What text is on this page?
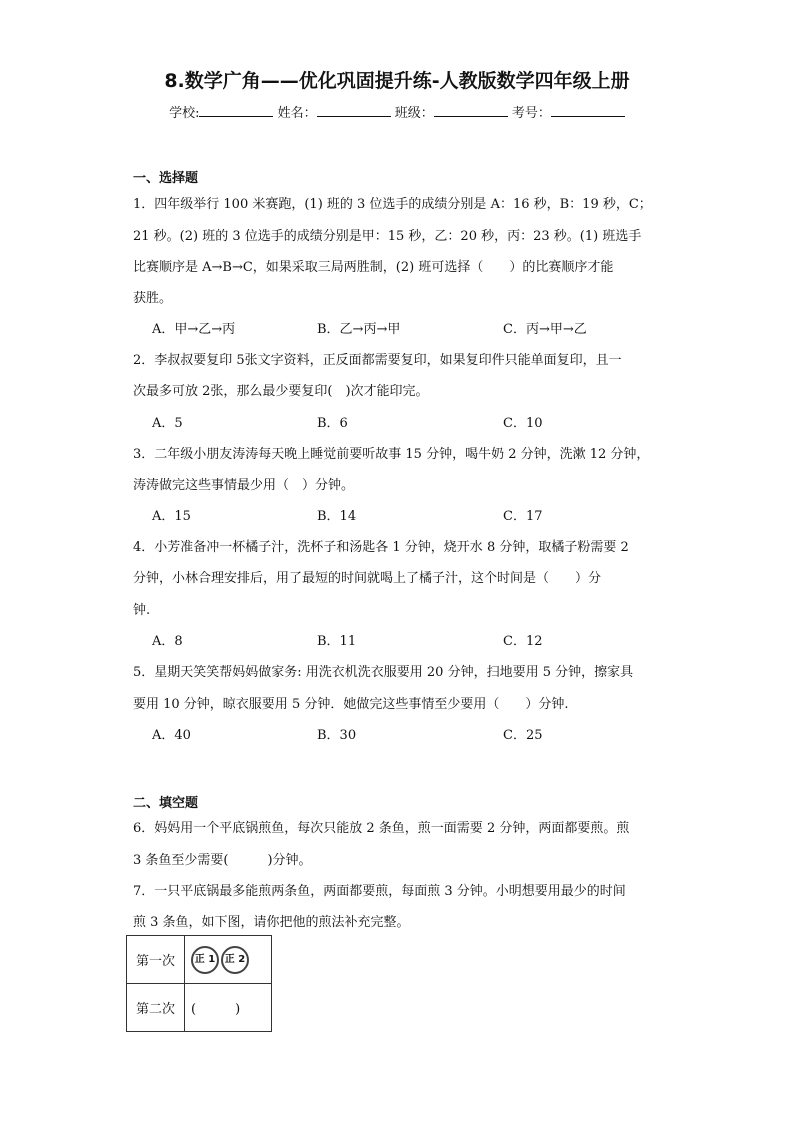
8.数学广角——优化巩固提升练-人教版数学四年级上册
学校:	姓名：	班级：	考号：
一、选择题
1．四年级举行 100 米赛跑，(1) 班的 3 位选手的成绩分别是 A：16 秒，B：19 秒，C；
21 秒。(2) 班的 3 位选手的成绩分别是甲：15 秒，乙：20 秒，丙：23 秒。(1) 班选手
比赛顺序是 A→B→C，如果采取三局两胜制，(2) 班可选择（　　）的比赛顺序才能
获胜。
A．甲→乙→丙	B．乙→丙→甲	C．丙→甲→乙
2．李叔叔要复印 5张文字资料，正反面都需要复印，如果复印件只能单面复印，且一
次最多可放 2张，那么最少要复印(　)次才能印完。
A．5	B．6	C．10
3．二年级小朋友涛涛每天晚上睡觉前要听故事 15 分钟，喝牛奶 2 分钟，洗漱 12 分钟，
涛涛做完这些事情最少用（　）分钟。
A．15	B．14	C．17
4．小芳准备冲一杯橘子汁，洗杯子和汤匙各 1 分钟，烧开水 8 分钟，取橘子粉需要 2
分钟，小林合理安排后，用了最短的时间就喝上了橘子汁，这个时间是（　　）分
钟.
A．8	B．11	C．12
5．星期天笑笑帮妈妈做家务: 用洗衣机洗衣服要用 20 分钟，扫地要用 5 分钟，擦家具
要用 10 分钟，晾衣服要用 5 分钟．她做完这些事情至少要用（　　）分钟.
A．40	B．30	C．25
二、填空题
6．妈妈用一个平底锅煎鱼，每次只能放 2 条鱼，煎一面需要 2 分钟，两面都要煎。煎
3 条鱼至少需要(　　　)分钟。
7．一只平底锅最多能煎两条鱼，两面都要煎，每面煎 3 分钟。小明想要用最少的时间
煎 3 条鱼，如下图，请你把他的煎法补充完整。
第一次	正 1 正 2
第二次	(　　　)
